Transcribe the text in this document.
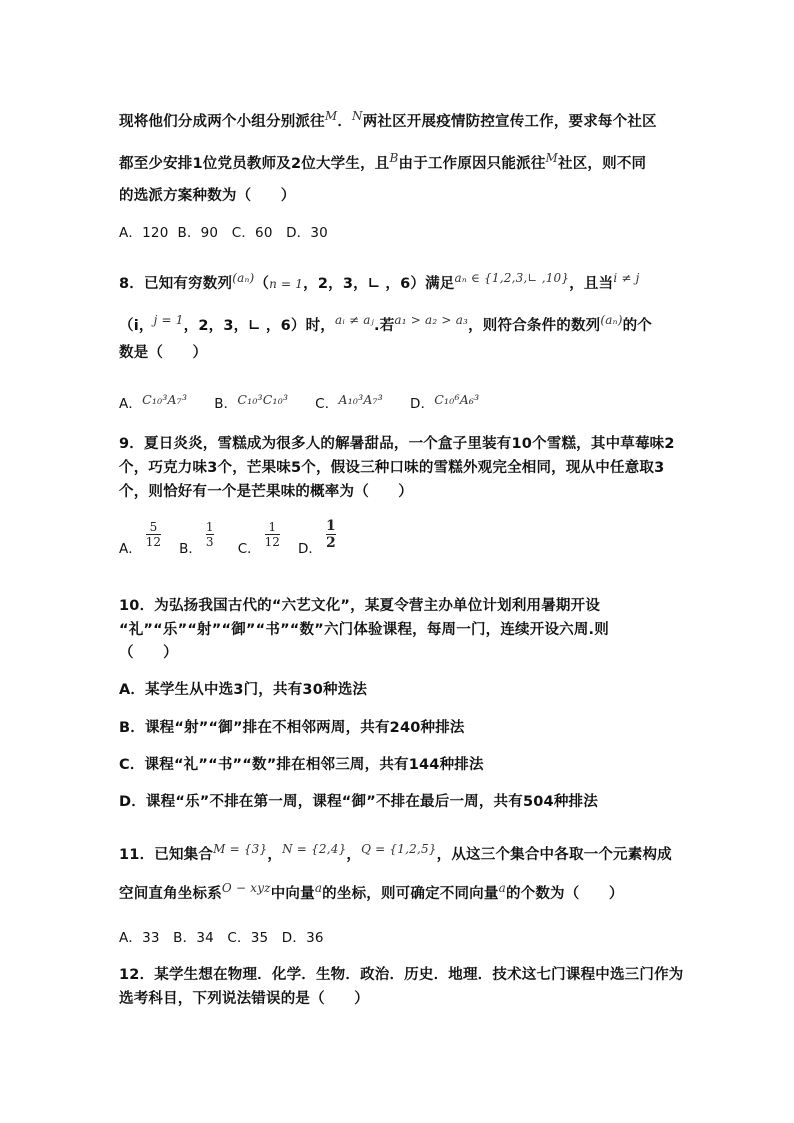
现将他们分成两个小组分别派往$^M$．$^N$两社区开展疫情防控宣传工作，要求每个社区
都至少安排1位党员教师及2位大学生，且$^B$由于工作原因只能派往$^M$社区，则不同
的选派方案种数为（　　）
A．120  B．90   C．60   D．30
8．已知有穷数列$^{(a_n)}$（n = 1，2，3，∟ ，6）满足$^{a_n \in \{1,2,3,∟ ,10\}}$，且当$^{i \ne j}$
（i，$^{j = 1}$，2，3，∟ ，6）时，$^{aᵢ \ne aⱼ}$.若$^{a_1 > a_2 > a_3}$，则符合条件的数列$^{(a_n)}$的个
数是（　　）
A．C₁₀³A₇³ B．C₁₀³C₁₀³ C．A₁₀³A₇³ D．C₁₀⁶A₆³
9．夏日炎炎，雪糕成为很多人的解暑甜品，一个盒子里装有10个雪糕，其中草莓味2
个，巧克力味3个，芒果味5个，假设三种口味的雪糕外观完全相同，现从中任意取3
个，则恰好有一个是芒果味的概率为（　　）
A． $\frac{5}{12}$ B． $\frac{1}{3}$ C． $\frac{1}{12}$ D． $\frac{1}{2}$
10．为弘扬我国古代的“六艺文化”，某夏令营主办单位计划利用暑期开设
“礼”“乐”“射”“御”“书”“数”六门体验课程，每周一门，连续开设六周.则
（　　）
A．某学生从中选3门，共有30种选法
B．课程“射”“御”排在不相邻两周，共有240种排法
C．课程“礼”“书”“数”排在相邻三周，共有144种排法
D．课程“乐”不排在第一周，课程“御”不排在最后一周，共有504种排法
11．已知集合$^{M = \{3\}}$，$^{N = \{2,4\}}$，$^{Q = \{1,2,5\}}$，从这三个集合中各取一个元素构成
空间直角坐标系$^{O - xyz}$中向量$^a$的坐标，则可确定不同向量$^a$的个数为（　　）
A．33   B．34   C．35   D．36
12．某学生想在物理．化学．生物．政治．历史．地理．技术这七门课程中选三门作为
选考科目，下列说法错误的是（　　）
